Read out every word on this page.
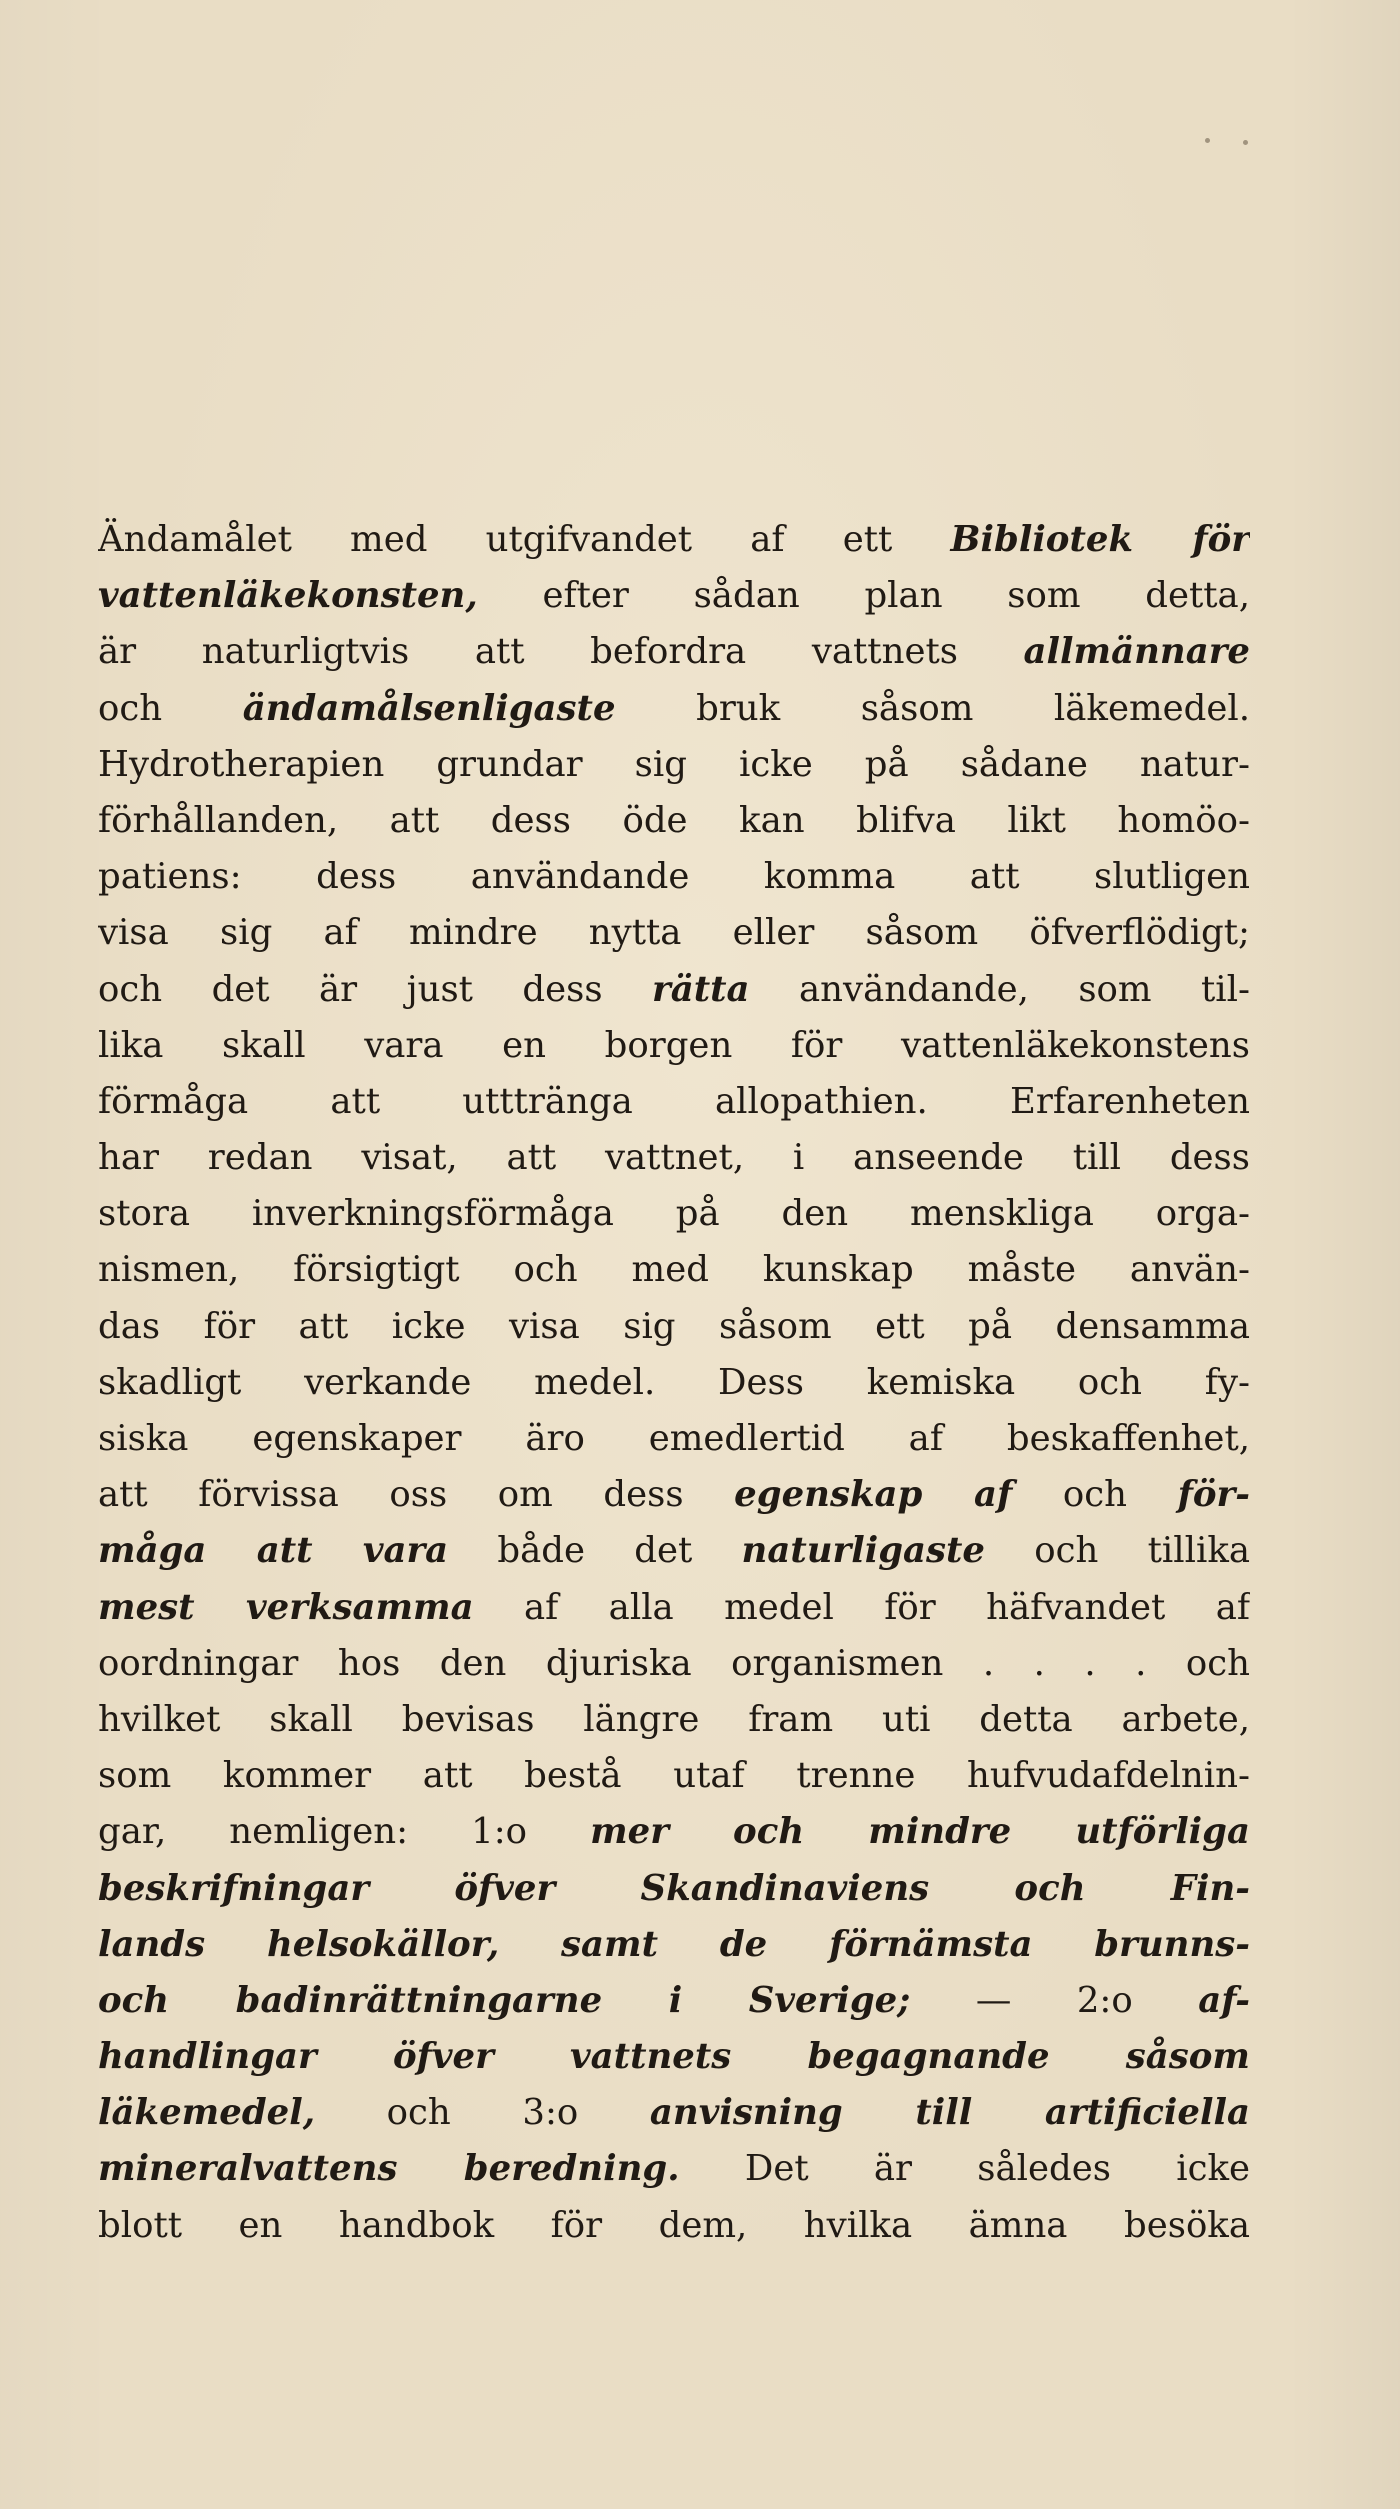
Ändamålet med utgifvandet af ett Bibliotek för
vattenläkekonsten, efter sådan plan som detta,
är naturligtvis att befordra vattnets allmännare
och ändamålsenligaste bruk såsom läkemedel.
Hydrotherapien grundar sig icke på sådane natur-
förhållanden, att dess öde kan blifva likt homöo-
patiens: dess användande komma att slutligen
visa sig af mindre nytta eller såsom öfverflödigt;
och det är just dess rätta användande, som til-
lika skall vara en borgen för vattenläkekonstens
förmåga att utttränga allopathien. Erfarenheten
har redan visat, att vattnet, i anseende till dess
stora inverkningsförmåga på den menskliga orga-
nismen, försigtigt och med kunskap måste använ-
das för att icke visa sig såsom ett på densamma
skadligt verkande medel. Dess kemiska och fy-
siska egenskaper äro emedlertid af beskaffenhet,
att förvissa oss om dess egenskap af och för-
måga att vara både det naturligaste och tillika
mest verksamma af alla medel för häfvandet af
oordningar hos den djuriska organismen . . . . och
hvilket skall bevisas längre fram uti detta arbete,
som kommer att bestå utaf trenne hufvudafdelnin-
gar, nemligen: 1:o mer och mindre utförliga
beskrifningar öfver Skandinaviens och Fin-
lands helsokällor, samt de förnämsta brunns-
och badinrättningarne i Sverige; — 2:o af-
handlingar öfver vattnets begagnande såsom
läkemedel, och 3:o anvisning till artificiella
mineralvattens beredning. Det är således icke
blott en handbok för dem, hvilka ämna besöka
